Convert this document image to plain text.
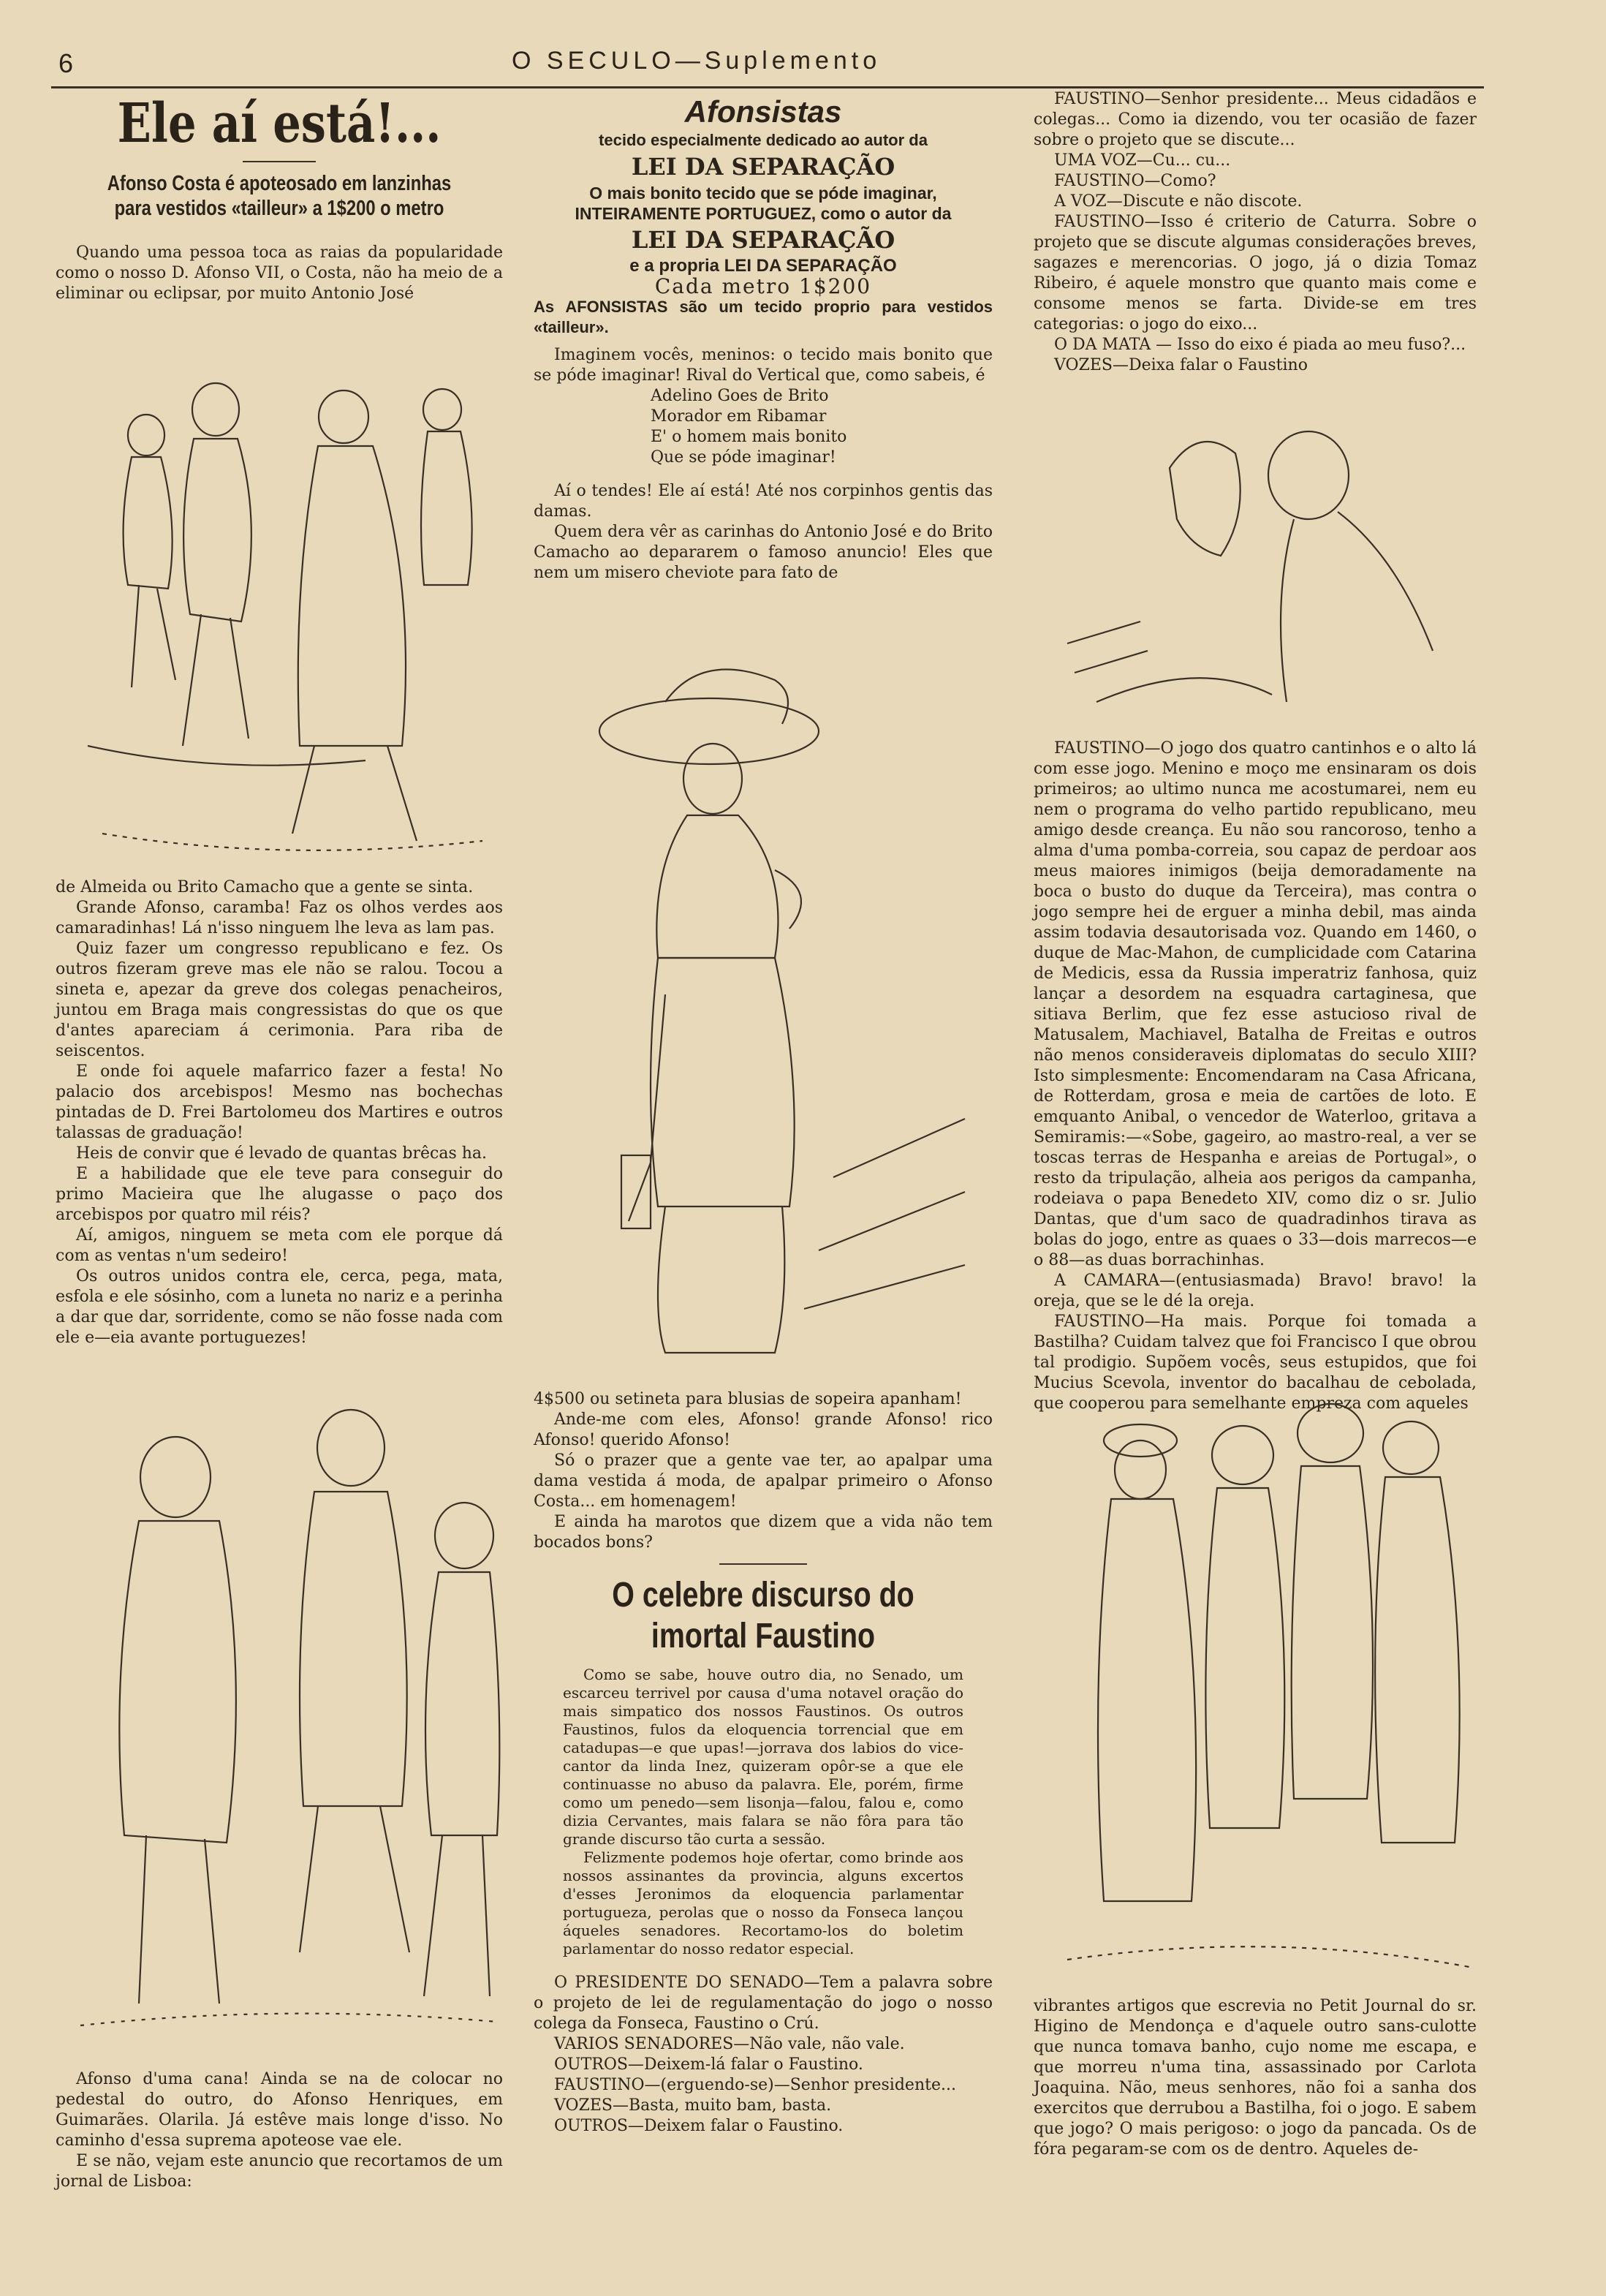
6	O SECULO—Suplemento
Ele aí está!...
Afonso Costa é apoteosado em lanzinhas para vestidos «tailleur» a 1$200 o metro

Quando uma pessoa toca as raias da popularidade como o nosso D. Afonso VII, o Costa, não ha meio de a eliminar ou eclipsar, por muito Antonio José

de Almeida ou Brito Camacho que a gente se sinta.

Grande Afonso, caramba! Faz os olhos verdes aos camaradinhas! Lá n'isso ninguem lhe leva as lam pas.

Quiz fazer um congresso republicano e fez. Os outros fizeram greve mas ele não se ralou. Tocou a sineta e, apezar da greve dos colegas penacheiros, juntou em Braga mais congressistas do que os que d'antes apareciam á cerimonia. Para riba de seiscentos.

E onde foi aquele mafarrico fazer a festa! No palacio dos arcebispos! Mesmo nas bochechas pintadas de D. Frei Bartolomeu dos Martires e outros talassas de graduação!

Heis de convir que é levado de quantas brêcas ha.

E a habilidade que ele teve para conseguir do primo Macieira que lhe alugasse o paço dos arcebispos por quatro mil réis?

Aí, amigos, ninguem se meta com ele porque dá com as ventas n'um sedeiro!

Os outros unidos contra ele, cerca, pega, mata, esfola e ele sósinho, com a luneta no nariz e a perinha a dar que dar, sorridente, como se não fosse nada com ele e—eia avante portuguezes!

Afonso d'uma cana! Ainda se na de colocar no pedestal do outro, do Afonso Henriques, em Guimarães. Olarila. Já estêve mais longe d'isso. No caminho d'essa suprema apoteose vae ele.

E se não, vejam este anuncio que recortamos de um jornal de Lisboa:

Afonsistas
tecido especialmente dedicado ao autor da
LEI DA SEPARAÇÃO
O mais bonito tecido que se póde imaginar,
INTEIRAMENTE PORTUGUEZ, como o autor da
LEI DA SEPARAÇÃO
e a propria LEI DA SEPARAÇÃO
Cada metro 1$200
As AFONSISTAS são um tecido proprio para vestidos «tailleur».

Imaginem vocês, meninos: o tecido mais bonito que se póde imaginar! Rival do Vertical que, como sabeis, é

Adelino Goes de Brito

Morador em Ribamar

E' o homem mais bonito

Que se póde imaginar!

Aí o tendes! Ele aí está! Até nos corpinhos gentis das damas.

Quem dera vêr as carinhas do Antonio José e do Brito Camacho ao depararem o famoso anuncio! Eles que nem um misero cheviote para fato de

4$500 ou setineta para blusias de sopeira apanham!

Ande-me com eles, Afonso! grande Afonso! rico Afonso! querido Afonso!

Só o prazer que a gente vae ter, ao apalpar uma dama vestida á moda, de apalpar primeiro o Afonso Costa... em homenagem!

E ainda ha marotos que dizem que a vida não tem bocados bons?

O celebre discurso do imortal Faustino

Como se sabe, houve outro dia, no Senado, um escarceu terrivel por causa d'uma notavel oração do mais simpatico dos nossos Faustinos. Os outros Faustinos, fulos da eloquencia torrencial que em catadupas—e que upas!—jorrava dos labios do vice-cantor da linda Inez, quizeram opôr-se a que ele continuasse no abuso da palavra. Ele, porém, firme como um penedo—sem lisonja—falou, falou e, como dizia Cervantes, mais falara se não fôra para tão grande discurso tão curta a sessão.

Felizmente podemos hoje ofertar, como brinde aos nossos assinantes da provincia, alguns excertos d'esses Jeronimos da eloquencia parlamentar portugueza, perolas que o nosso da Fonseca lançou áqueles senadores. Recortamo-los do boletim parlamentar do nosso redator especial.

O PRESIDENTE DO SENADO—Tem a palavra sobre o projeto de lei de regulamentação do jogo o nosso colega da Fonseca, Faustino o Crú.

VARIOS SENADORES—Não vale, não vale.

OUTROS—Deixem-lá falar o Faustino.

FAUSTINO—(erguendo-se)—Senhor presidente...

VOZES—Basta, muito bam, basta.

OUTROS—Deixem falar o Faustino.

FAUSTINO—Senhor presidente... Meus cidadãos e colegas... Como ia dizendo, vou ter ocasião de fazer sobre o projeto que se discute...

UMA VOZ—Cu... cu...

FAUSTINO—Como?

A VOZ—Discute e não discote.

FAUSTINO—Isso é criterio de Caturra. Sobre o projeto que se discute algumas considerações breves, sagazes e merencorias. O jogo, já o dizia Tomaz Ribeiro, é aquele monstro que quanto mais come e consome menos se farta. Divide-se em tres categorias: o jogo do eixo...

O DA MATA — Isso do eixo é piada ao meu fuso?...

VOZES—Deixa falar o Faustino

FAUSTINO—O jogo dos quatro cantinhos e o alto lá com esse jogo. Menino e moço me ensinaram os dois primeiros; ao ultimo nunca me acostumarei, nem eu nem o programa do velho partido republicano, meu amigo desde creança. Eu não sou rancoroso, tenho a alma d'uma pomba-correia, sou capaz de perdoar aos meus maiores inimigos (beija demoradamente na boca o busto do duque da Terceira), mas contra o jogo sempre hei de erguer a minha debil, mas ainda assim todavia desautorisada voz. Quando em 1460, o duque de Mac-Mahon, de cumplicidade com Catarina de Medicis, essa da Russia imperatriz fanhosa, quiz lançar a desordem na esquadra cartaginesa, que sitiava Berlim, que fez esse astucioso rival de Matusalem, Machiavel, Batalha de Freitas e outros não menos consideraveis diplomatas do seculo XIII? Isto simplesmente: Encomendaram na Casa Africana, de Rotterdam, grosa e meia de cartões de loto. E emquanto Anibal, o vencedor de Waterloo, gritava a Semiramis:—«Sobe, gageiro, ao mastro-real, a ver se toscas terras de Hespanha e areias de Portugal», o resto da tripulação, alheia aos perigos da campanha, rodeiava o papa Benedeto XIV, como diz o sr. Julio Dantas, que d'um saco de quadradinhos tirava as bolas do jogo, entre as quaes o 33—dois marrecos—e o 88—as duas borrachinhas.

A CAMARA—(entusiasmada) Bravo! bravo! la oreja, que se le dé la oreja.

FAUSTINO—Ha mais. Porque foi tomada a Bastilha? Cuidam talvez que foi Francisco I que obrou tal prodigio. Supõem vocês, seus estupidos, que foi Mucius Scevola, inventor do bacalhau de cebolada, que cooperou para semelhante empreza com aqueles

vibrantes artigos que escrevia no Petit Journal do sr. Higino de Mendonça e d'aquele outro sans-culotte que nunca tomava banho, cujo nome me escapa, e que morreu n'uma tina, assassinado por Carlota Joaquina. Não, meus senhores, não foi a sanha dos exercitos que derrubou a Bastilha, foi o jogo. E sabem que jogo? O mais perigoso: o jogo da pancada. Os de fóra pegaram-se com os de dentro. Aqueles de-
